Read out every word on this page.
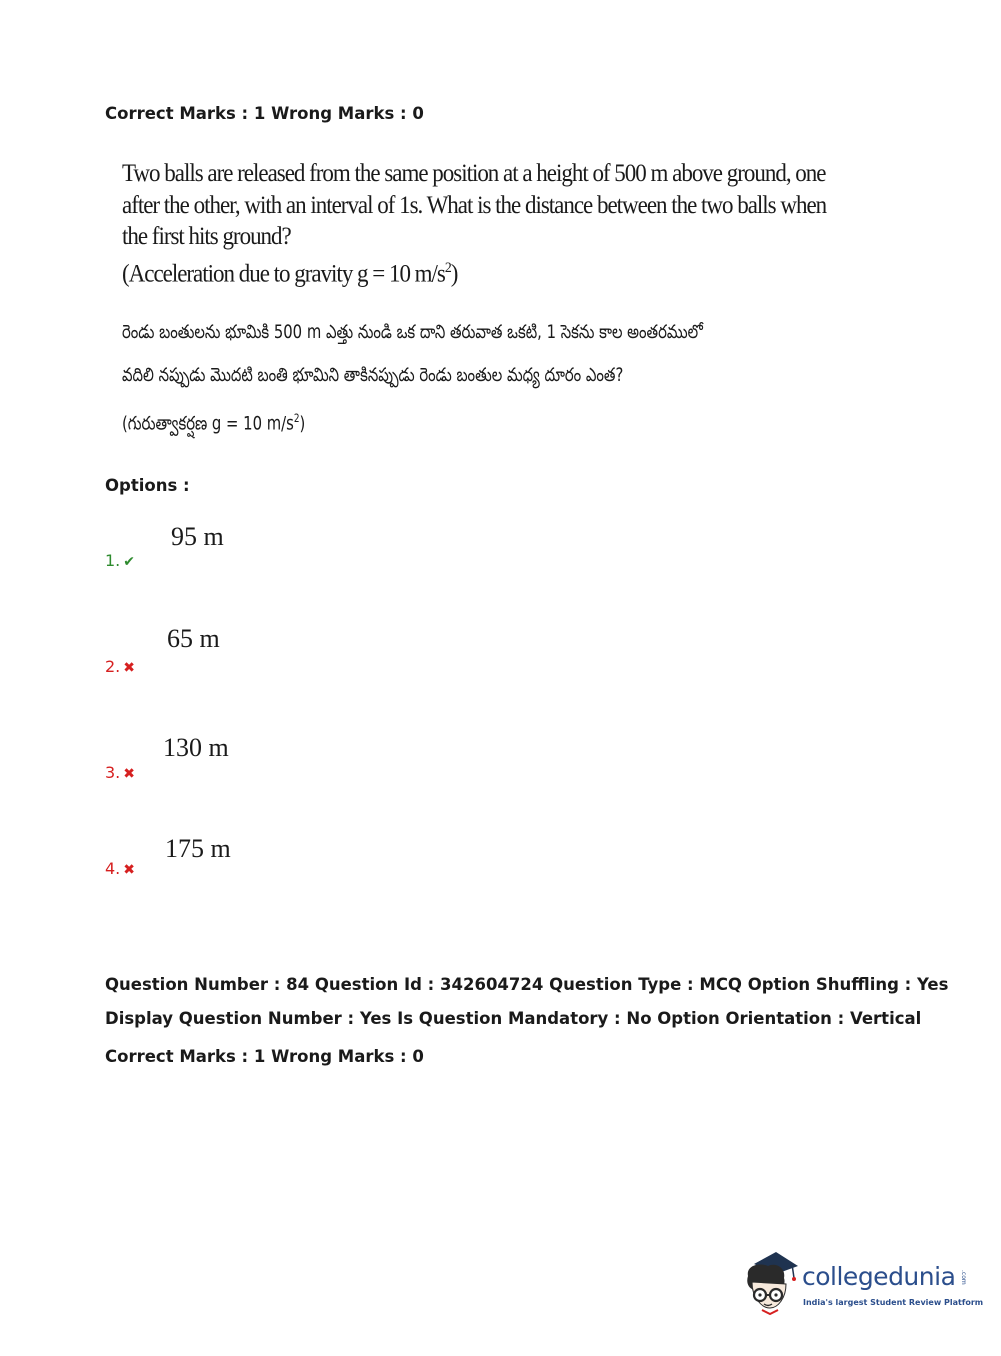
Correct Marks : 1 Wrong Marks : 0
Two balls are released from the same position at a height of 500 m above ground, one
after the other, with an interval of 1s. What is the distance between the two balls when
the first hits ground?
(Acceleration due to gravity g = 10 $m/s^2$)
రెండు బంతులను భూమికి 500 m ఎత్తు నుండి ఒక దాని తరువాత ఒకటి, 1 సెకను కాల అంతరములో
వదిలి నప్పుడు మొదటి బంతి భూమిని తాకినప్పుడు రెండు బంతుల మధ్య దూరం ఎంత?
(గురుత్వాకర్షణ g = 10 $m/s^2$)
Options :
1. ✔
95 m
2. ✖
65 m
3. ✖
130 m
4. ✖
175 m
Question Number : 84 Question Id : 342604724 Question Type : MCQ Option Shuffling : Yes
Display Question Number : Yes Is Question Mandatory : No Option Orientation : Vertical
Correct Marks : 1 Wrong Marks : 0
collegedunia .com
India's largest Student Review Platform
